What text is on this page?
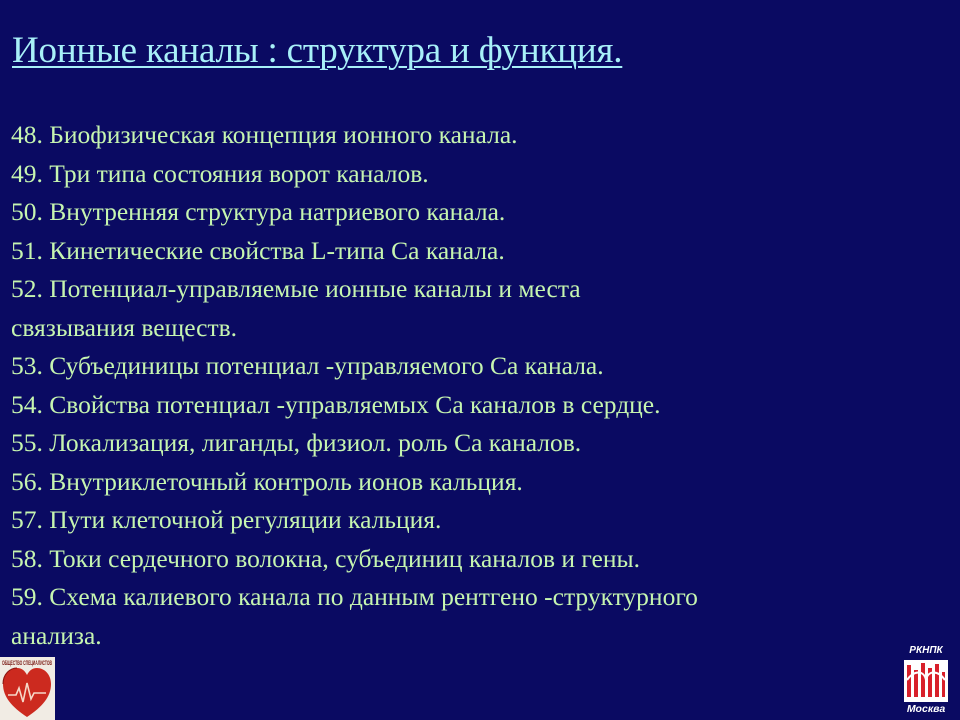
Ионные каналы : структура и функция.
48. Биофизическая концепция ионного канала.
49. Три типа состояния ворот каналов.
50. Внутренняя структура натриевого канала.
51. Кинетические свойства L-типа Ca канала.
52. Потенциал-управляемые ионные каналы и места
связывания веществ.
53. Субъединицы потенциал -управляемого Ca канала.
54. Свойства потенциал -управляемых Ca каналов в сердце.
55. Локализация, лиганды, физиол. роль Ca каналов.
56. Внутриклеточный контроль ионов кальция.
57. Пути клеточной регуляции кальция.
58. Токи сердечного волокна, субъединиц каналов и гены.
59. Схема калиевого канала по данным рентгено -структурного
анализа.
ОБЩЕСТВО СПЕЦИАЛИСТОВ
РКНПК
Москва
